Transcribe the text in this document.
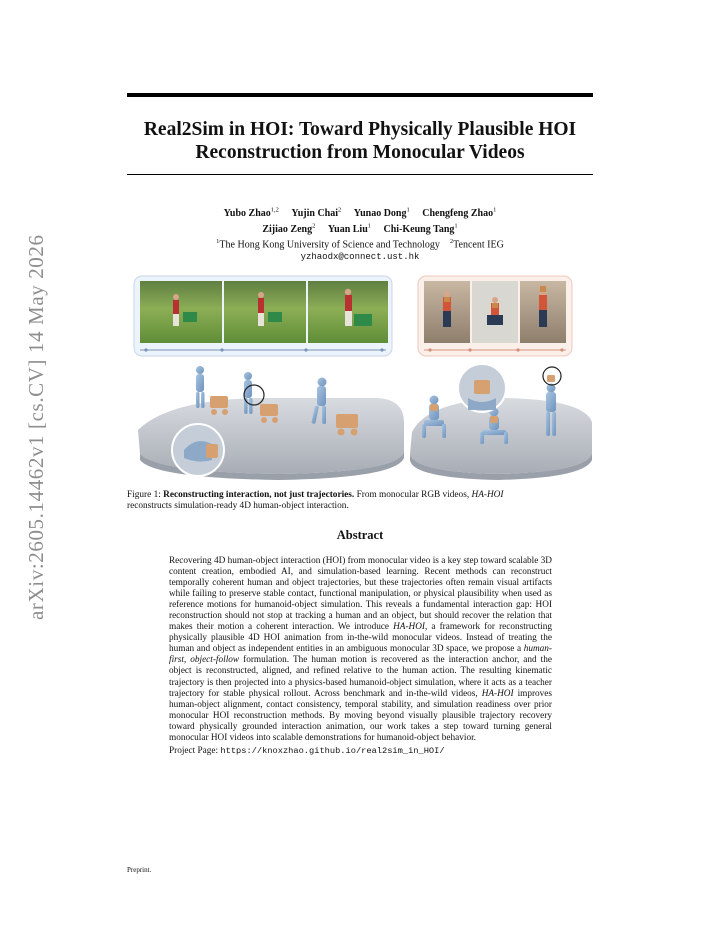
arXiv:2605.14462v1 [cs.CV] 14 May 2026
Real2Sim in HOI: Toward Physically Plausible HOI
Reconstruction from Monocular Videos
Yubo Zhao$^{1,2}$ Yujin Chai$^2$ Yunao Dong$^1$ Chengfeng Zhao$^1$
Zijiao Zeng$^2$ Yuan Liu$^1$ Chi-Keung Tang$^1$
$^1$The Hong Kong University of Science and Technology $^2$Tencent IEG
yzhaodx@connect.ust.hk
Figure 1: Reconstructing interaction, not just trajectories. From monocular RGB videos, HA-HOI
reconstructs simulation-ready 4D human-object interaction.
Abstract

Recovering 4D human-object interaction (HOI) from monocular video is a key step toward scalable 3D content creation, embodied AI, and simulation-based learning. Recent methods can reconstruct temporally coherent human and object trajectories, but these trajectories often remain visual artifacts while failing to preserve stable contact, functional manipulation, or physical plausibility when used as reference motions for humanoid-object simulation. This reveals a fundamental interaction gap: HOI reconstruction should not stop at tracking a human and an object, but should recover the relation that makes their motion a coherent interaction. We introduce HA-HOI, a framework for reconstructing physically plausible 4D HOI animation from in-the-wild monocular videos. Instead of treating the human and object as independent entities in an ambiguous monocular 3D space, we propose a human-first, object-follow formulation. The human motion is recovered as the interaction anchor, and the object is reconstructed, aligned, and refined relative to the human action. The resulting kinematic trajectory is then projected into a physics-based humanoid-object simulation, where it acts as a teacher trajectory for stable physical rollout. Across benchmark and in-the-wild videos, HA-HOI improves human-object alignment, contact consistency, temporal stability, and simulation readiness over prior monocular HOI reconstruction methods. By moving beyond visually plausible trajectory recovery toward physically grounded interaction animation, our work takes a step toward turning general monocular HOI videos into scalable demonstrations for humanoid-object behavior.

Project Page: https://knoxzhao.github.io/real2sim_in_HOI/

Preprint.
